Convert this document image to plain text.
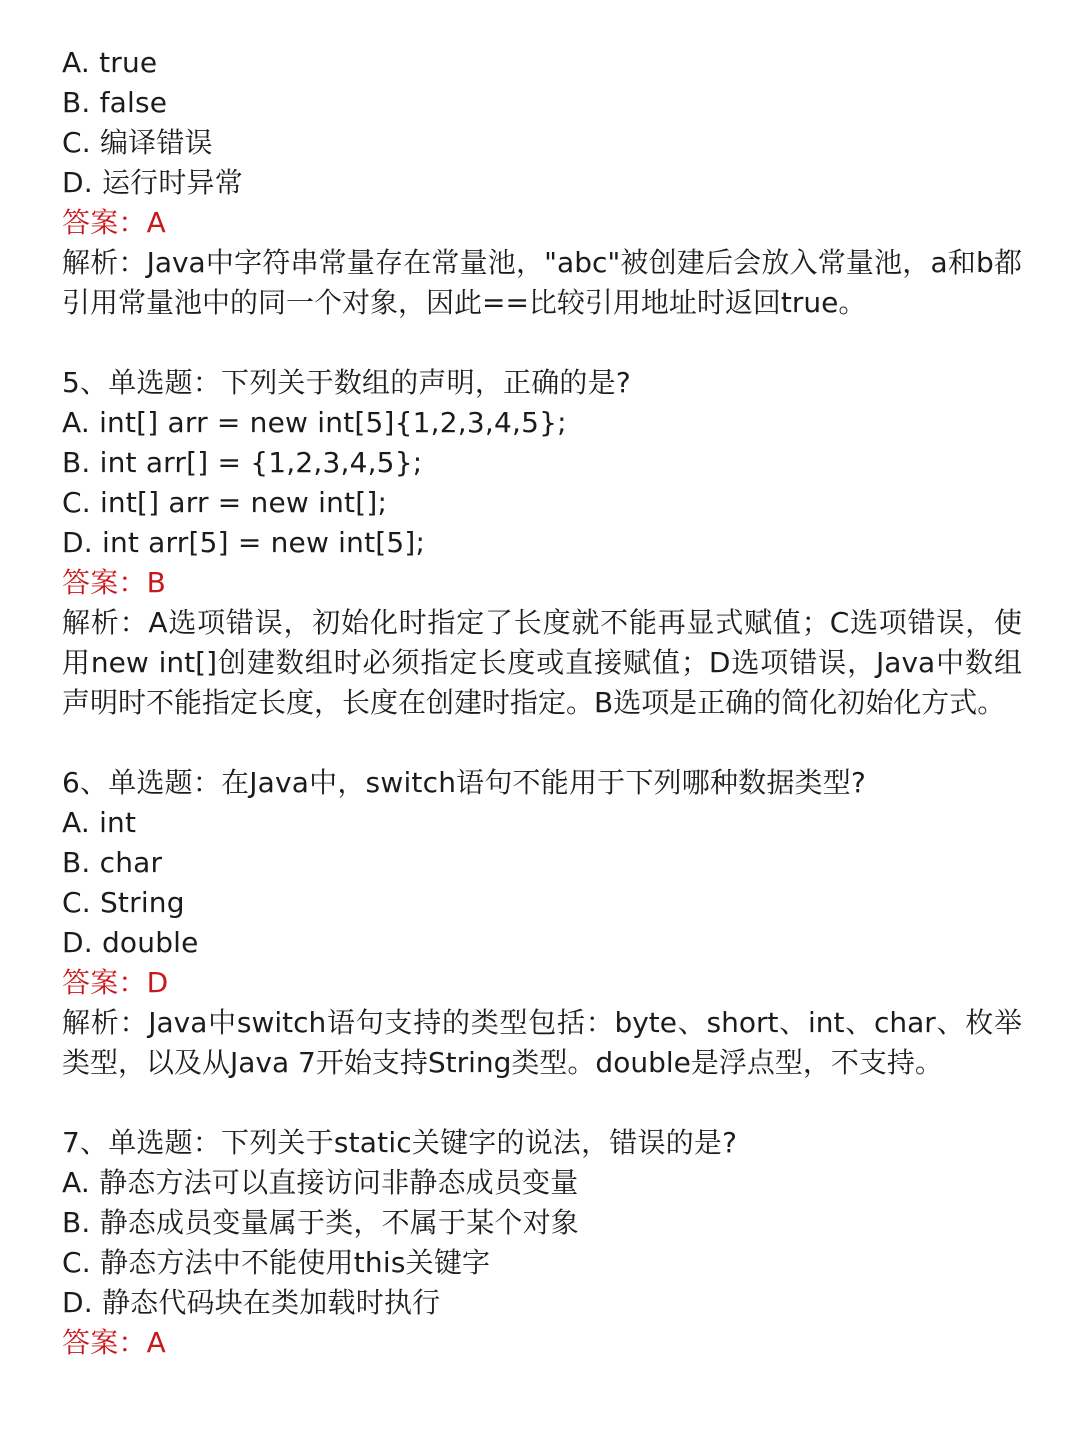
A. true
B. false
C. 编译错误
D. 运行时异常
答案：A
解析：Java中字符串常量存在常量池，"abc"被创建后会放入常量池，a和b都引用常量池中的同一个对象，因此==比较引用地址时返回true。
5、单选题：下列关于数组的声明，正确的是?
A. int[] arr = new int[5]{1,2,3,4,5};
B. int arr[] = {1,2,3,4,5};
C. int[] arr = new int[];
D. int arr[5] = new int[5];
答案：B
解析：A选项错误，初始化时指定了长度就不能再显式赋值；C选项错误，使用new int[]创建数组时必须指定长度或直接赋值；D选项错误，Java中数组声明时不能指定长度，长度在创建时指定。B选项是正确的简化初始化方式。
6、单选题：在Java中，switch语句不能用于下列哪种数据类型?
A. int
B. char
C. String
D. double
答案：D
解析：Java中switch语句支持的类型包括：byte、short、int、char、枚举类型，以及从Java 7开始支持String类型。double是浮点型，不支持。
7、单选题：下列关于static关键字的说法，错误的是?
A. 静态方法可以直接访问非静态成员变量
B. 静态成员变量属于类，不属于某个对象
C. 静态方法中不能使用this关键字
D. 静态代码块在类加载时执行
答案：A
